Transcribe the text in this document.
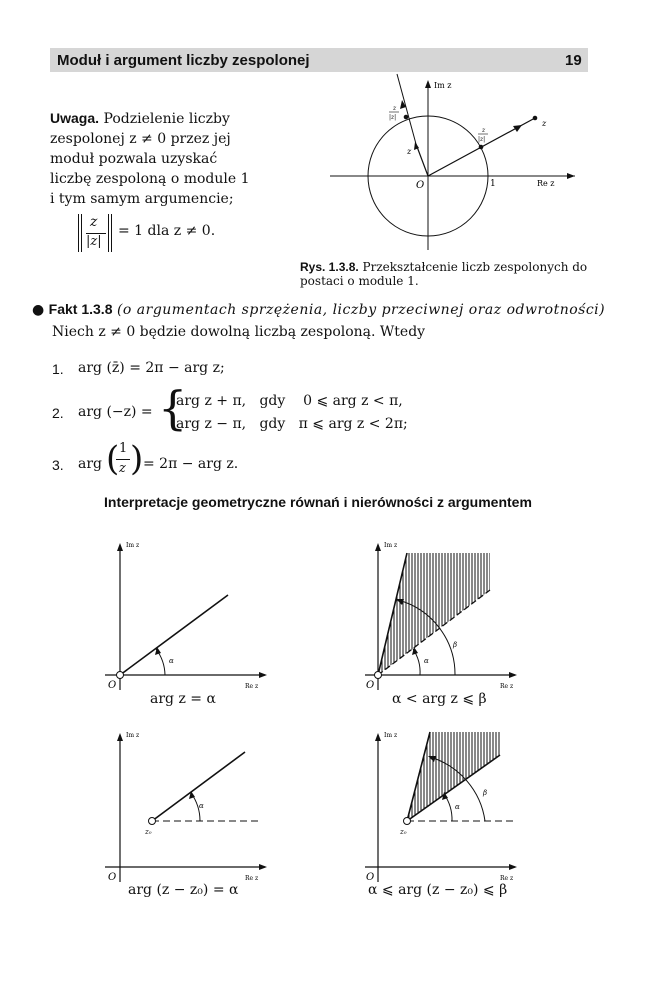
Moduł i argument liczby zespolonej	19
Uwaga. Podzielenie liczby zespolonej z ≠ 0 przez jej moduł pozwala uzyskać liczbę zespoloną o module 1 i tym samym argumencie;
z
|z|
= 1 dla z ≠ 0.
Im z
Re z
O	1
z
z
z
|z|
z
|z|
Rys. 1.3.8. Przekształcenie liczb zespolonych do postaci o module 1.
● Fakt 1.3.8 (o argumentach sprzężenia, liczby przeciwnej oraz odwrotności)
Niech z ≠ 0 będzie dowolną liczbą zespoloną. Wtedy
1. arg (z̄) = 2π − arg z;
2. arg (−z) = {
arg z + π,   gdy    0 ⩽ arg z < π,
arg z − π,   gdy   π ⩽ arg z < 2π;
3. arg ( 1
z ) = 2π − arg z.
Interpretacje geometryczne równań i nierówności z argumentem
Im z
Re z
O
α
arg z = α
Im z
Re z
O
α
β
α < arg z ⩽ β
Im z
Re z
O
α
z₀
arg (z − z₀) = α
Im z
Re z
O
α
β
z₀
α ⩽ arg (z − z₀) ⩽ β
